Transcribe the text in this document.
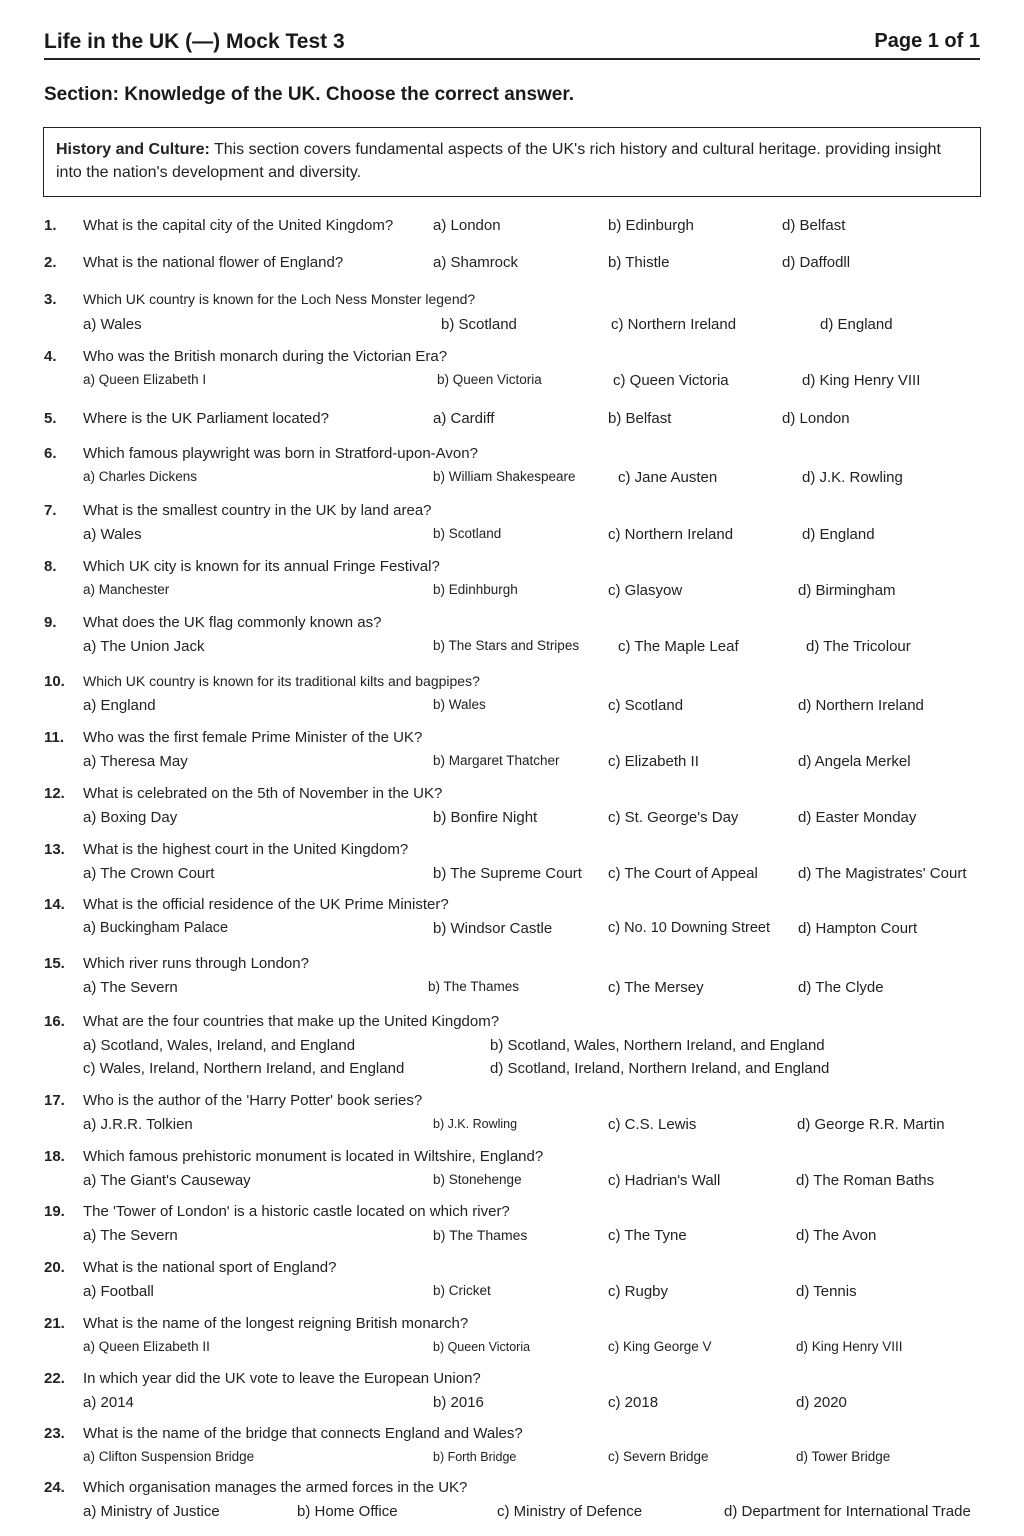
Life in the UK (—) Mock Test 3	Page 1 of 1
Section: Knowledge of the UK. Choose the correct answer.
History and Culture: This section covers fundamental aspects of the UK's rich history and cultural heritage. providing insight into the nation's development and diversity.
1. What is the capital city of the United Kingdom?	a) London	b) Edinburgh	d) Belfast
2. What is the national flower of England?	a) Shamrock	b) Thistle	d) Daffodll
3. Which UK country is known for the Loch Ness Monster legend?
a) Wales	b) Scotland	c) Northern Ireland	d) England
4. Who was the British monarch during the Victorian Era?
a) Queen Elizabeth I	b) Queen Victoria	c) Queen Victoria	d) King Henry VIII
5. Where is the UK Parliament located?	a) Cardiff	b) Belfast	d) London
6. Which famous playwright was born in Stratford-upon-Avon?
a) Charles Dickens	b) William Shakespeare	c) Jane Austen	d) J.K. Rowling
7. What is the smallest country in the UK by land area?
a) Wales	b) Scotland	c) Northern Ireland	d) England
8. Which UK city is known for its annual Fringe Festival?
a) Manchester	b) Edinhburgh	c) Glasyow	d) Birmingham
9. What does the UK flag commonly known as?
a) The Union Jack	b) The Stars and Stripes	c) The Maple Leaf	d) The Tricolour
10. Which UK country is known for its traditional kilts and bagpipes?
a) England	b) Wales	c) Scotland	d) Northern Ireland
11. Who was the first female Prime Minister of the UK?
a) Theresa May	b) Margaret Thatcher	c) Elizabeth II	d) Angela Merkel
12. What is celebrated on the 5th of November in the UK?
a) Boxing Day	b) Bonfire Night	c) St. George's Day	d) Easter Monday
13. What is the highest court in the United Kingdom?
a) The Crown Court	b) The Supreme Court c) The Court of Appeal	d) The Magistrates' Court
14. What is the official residence of the UK Prime Minister?
a) Buckingham Palace	b) Windsor Castle	c) No. 10 Downing Street d) Hampton Court
15. Which river runs through London?
a) The Severn	b) The Thames	c) The Mersey	d) The Clyde
16. What are the four countries that make up the United Kingdom?
a) Scotland, Wales, Ireland, and England	b) Scotland, Wales, Northern Ireland, and England
c) Wales, Ireland, Northern Ireland, and England	d) Scotland, Ireland, Northern Ireland, and England
17. Who is the author of the 'Harry Potter' book series?
a) J.R.R. Tolkien	b) J.K. Rowling	c) C.S. Lewis	d) George R.R. Martin
18. Which famous prehistoric monument is located in Wiltshire, England?
a) The Giant's Causeway	b) Stonehenge	c) Hadrian's Wall	d) The Roman Baths
19. The 'Tower of London' is a historic castle located on which river?
a) The Severn	b) The Thames	c) The Tyne	d) The Avon
20. What is the national sport of England?
a) Football	b) Cricket	c) Rugby	d) Tennis
21. What is the name of the longest reigning British monarch?
a) Queen Elizabeth II	b) Queen Victoria	c) King George V	d) King Henry VIII
22. In which year did the UK vote to leave the European Union?
a) 2014	b) 2016	c) 2018	d) 2020
23. What is the name of the bridge that connects England and Wales?
a) Clifton Suspension Bridge	b) Forth Bridge	c) Severn Bridge	d) Tower Bridge
24. Which organisation manages the armed forces in the UK?
a) Ministry of Justice	b) Home Office	c) Ministry of Defence	d) Department for International Trade
